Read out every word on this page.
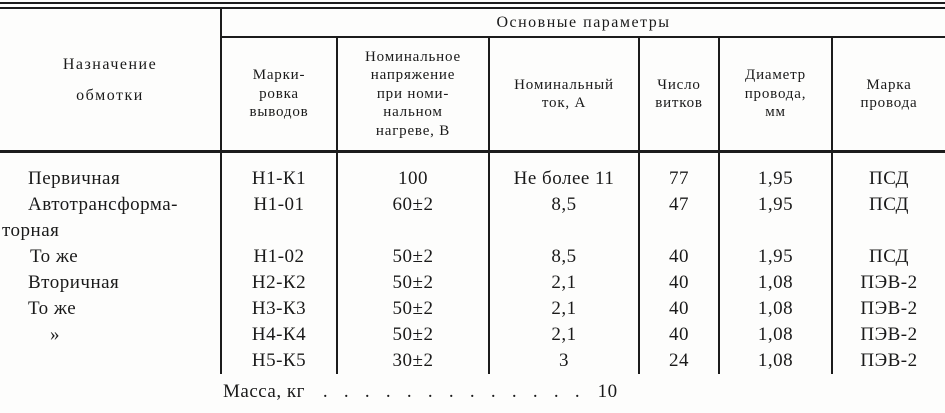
Назначение
обмотки
Основные параметры
Марки-
ровка
выводов
Номинальное
напряжение
при номи-
нальном
нагреве, В
Номинальный
ток, А
Число
витков
Диаметр
провода,
мм
Марка
провода
Первичная
Автотрансформа-
торная
То же
Вторичная
То же
»

Н1-К1
Н1-01

Н1-02
Н2-К2
Н3-К3
Н4-К4
Н5-К5
100
60±2

50±2
50±2
50±2
50±2
30±2
Не более 11
8,5

8,5
2,1
2,1
2,1
3
77
47

40
40
40
40
24
1,95
1,95

1,95
1,08
1,08
1,08
1,08
ПСД
ПСД

ПСД
ПЭВ-2
ПЭВ-2
ПЭВ-2
ПЭВ-2
Масса, кг . . . . . . . . . . . . . 10
